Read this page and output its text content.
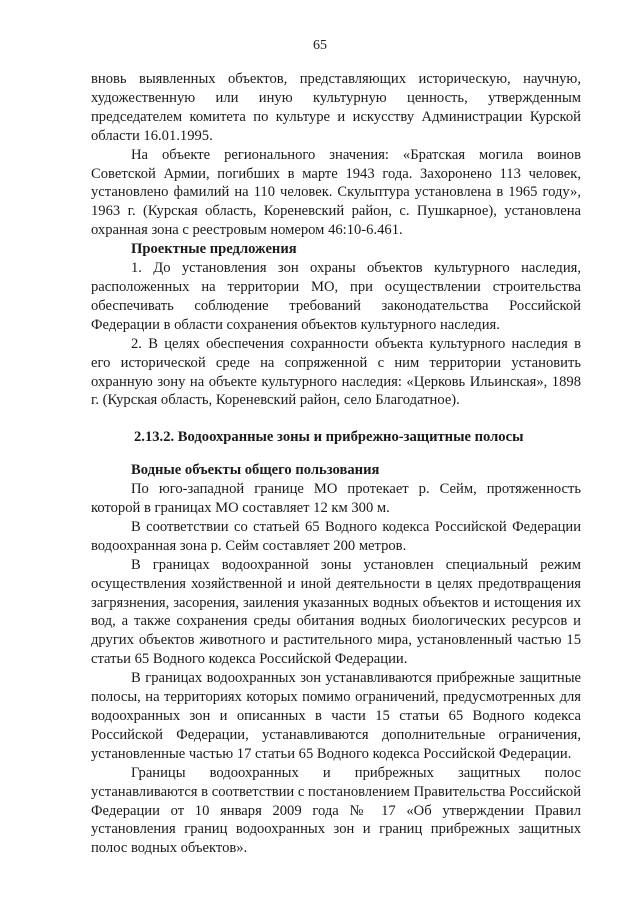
65

вновь выявленных объектов, представляющих историческую, научную, художественную или иную культурную ценность, утвержденным председателем комитета по культуре и искусству Администрации Курской области 16.01.1995.

На объекте регионального значения: «Братская могила воинов Советской Армии, погибших в марте 1943 года. Захоронено 113 человек, установлено фамилий на 110 человек. Скульптура установлена в 1965 году», 1963 г. (Курская область, Кореневский район, с. Пушкарное), установлена охранная зона с реестровым номером 46:10-6.461.

Проектные предложения

1. До установления зон охраны объектов культурного наследия, расположенных на территории МО, при осуществлении строительства обеспечивать соблюдение требований законодательства Российской Федерации в области сохранения объектов культурного наследия.

2. В целях обеспечения сохранности объекта культурного наследия в его исторической среде на сопряженной с ним территории установить охранную зону на объекте культурного наследия: «Церковь Ильинская», 1898 г. (Курская область, Кореневский район, село Благодатное).

2.13.2. Водоохранные зоны и прибрежно-защитные полосы

Водные объекты общего пользования

По юго-западной границе МО протекает р. Сейм, протяженность которой в границах МО составляет 12 км 300 м.

В соответствии со статьей 65 Водного кодекса Российской Федерации водоохранная зона р. Сейм составляет 200 метров.

В границах водоохранной зоны установлен специальный режим осуществления хозяйственной и иной деятельности в целях предотвращения загрязнения, засорения, заиления указанных водных объектов и истощения их вод, а также сохранения среды обитания водных биологических ресурсов и других объектов животного и растительного мира, установленный частью 15 статьи 65 Водного кодекса Российской Федерации.

В границах водоохранных зон устанавливаются прибрежные защитные полосы, на территориях которых помимо ограничений, предусмотренных для водоохранных зон и описанных в части 15 статьи 65 Водного кодекса Российской Федерации, устанавливаются дополнительные ограничения, установленные частью 17 статьи 65 Водного кодекса Российской Федерации.

Границы водоохранных и прибрежных защитных полос устанавливаются в соответствии с постановлением Правительства Российской Федерации от 10 января 2009 года № 17 «Об утверждении Правил установления границ водоохранных зон и границ прибрежных защитных полос водных объектов».
